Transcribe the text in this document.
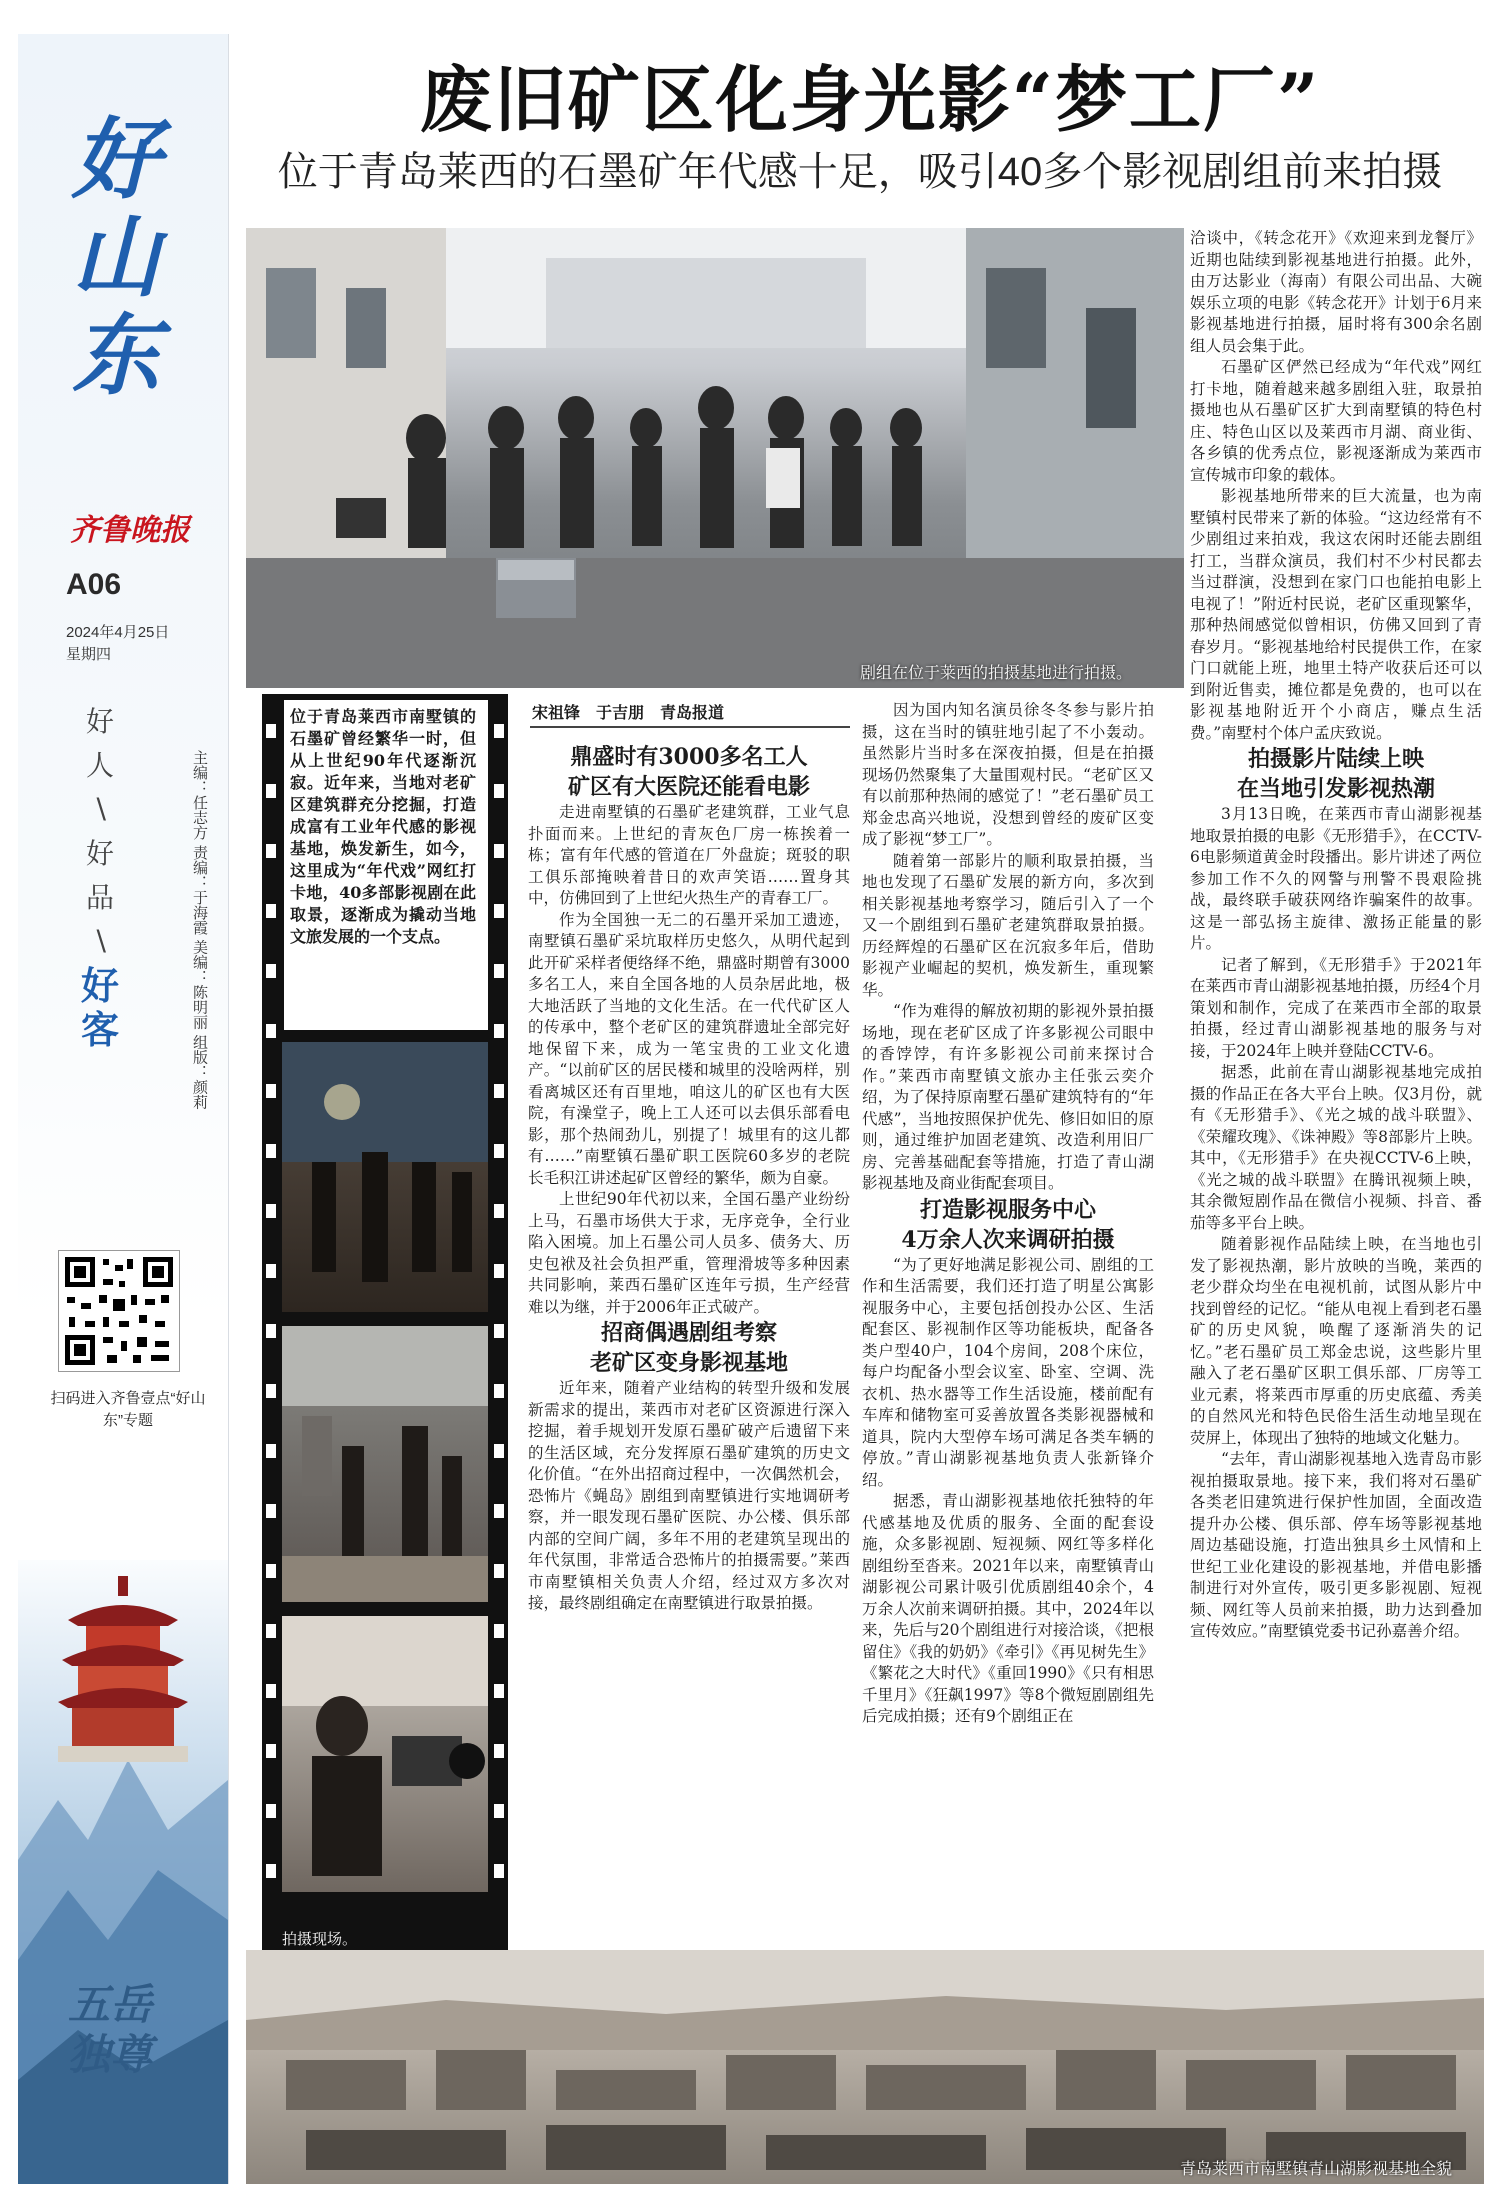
好山东
齐鲁晚报
A06
2024年4月25日
星期四
好
人
∖
好
品
∖
好
客	主编：任志方 责编：于海霞 美编：陈明丽 组版：颜莉
扫码进入齐鲁壹点“好山东”专题
五岳独尊
废旧矿区化身光影“梦工厂”
位于青岛莱西的石墨矿年代感十足，吸引40多个影视剧组前来拍摄
剧组在位于莱西的拍摄基地进行拍摄。
位于青岛莱西市南墅镇的石墨矿曾经繁华一时，但从上世纪90年代逐渐沉寂。近年来，当地对老矿区建筑群充分挖掘，打造成富有工业年代感的影视基地，焕发新生，如今，这里成为“年代戏”网红打卡地，40多部影视剧在此取景，逐渐成为撬动当地文旅发展的一个支点。
拍摄现场。
宋祖锋　于吉朋　青岛报道

鼎盛时有3000多名工人
矿区有大医院还能看电影

走进南墅镇的石墨矿老建筑群，工业气息扑面而来。上世纪的青灰色厂房一栋挨着一栋；富有年代感的管道在厂外盘旋；斑驳的职工俱乐部掩映着昔日的欢声笑语……置身其中，仿佛回到了上世纪火热生产的青春工厂。

作为全国独一无二的石墨开采加工遗迹，南墅镇石墨矿采坑取样历史悠久，从明代起到此开矿采样者便络绎不绝，鼎盛时期曾有3000多名工人，来自全国各地的人员杂居此地，极大地活跃了当地的文化生活。在一代代矿区人的传承中，整个老矿区的建筑群遗址全部完好地保留下来，成为一笔宝贵的工业文化遗产。“以前矿区的居民楼和城里的没啥两样，别看离城区还有百里地，咱这儿的矿区也有大医院，有澡堂子，晚上工人还可以去俱乐部看电影，那个热闹劲儿，别提了！城里有的这儿都有……”南墅镇石墨矿职工医院60多岁的老院长毛积江讲述起矿区曾经的繁华，颇为自豪。

上世纪90年代初以来，全国石墨产业纷纷上马，石墨市场供大于求，无序竞争，全行业陷入困境。加上石墨公司人员多、债务大、历史包袱及社会负担严重，管理滑坡等多种因素共同影响，莱西石墨矿区连年亏损，生产经营难以为继，并于2006年正式破产。

招商偶遇剧组考察
老矿区变身影视基地

近年来，随着产业结构的转型升级和发展新需求的提出，莱西市对老矿区资源进行深入挖掘，着手规划开发原石墨矿破产后遗留下来的生活区域，充分发挥原石墨矿建筑的历史文化价值。“在外出招商过程中，一次偶然机会，恐怖片《蝇岛》剧组到南墅镇进行实地调研考察，并一眼发现石墨矿医院、办公楼、俱乐部内部的空间广阔，多年不用的老建筑呈现出的年代氛围，非常适合恐怖片的拍摄需要。”莱西市南墅镇相关负责人介绍，经过双方多次对接，最终剧组确定在南墅镇进行取景拍摄。

因为国内知名演员徐冬冬参与影片拍摄，这在当时的镇驻地引起了不小轰动。虽然影片当时多在深夜拍摄，但是在拍摄现场仍然聚集了大量围观村民。“老矿区又有以前那种热闹的感觉了！”老石墨矿员工郑金忠高兴地说，没想到曾经的废矿区变成了影视“梦工厂”。

随着第一部影片的顺利取景拍摄，当地也发现了石墨矿发展的新方向，多次到相关影视基地考察学习，随后引入了一个又一个剧组到石墨矿老建筑群取景拍摄。历经辉煌的石墨矿区在沉寂多年后，借助影视产业崛起的契机，焕发新生，重现繁华。

“作为难得的解放初期的影视外景拍摄场地，现在老矿区成了许多影视公司眼中的香饽饽，有许多影视公司前来探讨合作。”莱西市南墅镇文旅办主任张云奕介绍，为了保持原南墅石墨矿建筑特有的“年代感”，当地按照保护优先、修旧如旧的原则，通过维护加固老建筑、改造利用旧厂房、完善基础配套等措施，打造了青山湖影视基地及商业街配套项目。

打造影视服务中心
4万余人次来调研拍摄

“为了更好地满足影视公司、剧组的工作和生活需要，我们还打造了明星公寓影视服务中心，主要包括创投办公区、生活配套区、影视制作区等功能板块，配备各类户型40户，104个房间，208个床位，每户均配备小型会议室、卧室、空调、洗衣机、热水器等工作生活设施，楼前配有车库和储物室可妥善放置各类影视器械和道具，院内大型停车场可满足各类车辆的停放。”青山湖影视基地负责人张新锋介绍。

据悉，青山湖影视基地依托独特的年代感基地及优质的服务、全面的配套设施，众多影视剧、短视频、网红等多样化剧组纷至沓来。2021年以来，南墅镇青山湖影视公司累计吸引优质剧组40余个，4万余人次前来调研拍摄。其中，2024年以来，先后与20个剧组进行对接洽谈，《把根留住》《我的奶奶》《牵引》《再见树先生》《繁花之大时代》《重回1990》《只有相思千里月》《狂飙1997》等8个微短剧剧组先后完成拍摄；还有9个剧组正在

洽谈中，《转念花开》《欢迎来到龙餐厅》近期也陆续到影视基地进行拍摄。此外，由万达影业（海南）有限公司出品、大碗娱乐立项的电影《转念花开》计划于6月来影视基地进行拍摄，届时将有300余名剧组人员会集于此。

石墨矿区俨然已经成为“年代戏”网红打卡地，随着越来越多剧组入驻，取景拍摄地也从石墨矿区扩大到南墅镇的特色村庄、特色山区以及莱西市月湖、商业街、各乡镇的优秀点位，影视逐渐成为莱西市宣传城市印象的载体。

影视基地所带来的巨大流量，也为南墅镇村民带来了新的体验。“这边经常有不少剧组过来拍戏，我这农闲时还能去剧组打工，当群众演员，我们村不少村民都去当过群演，没想到在家门口也能拍电影上电视了！”附近村民说，老矿区重现繁华，那种热闹感觉似曾相识，仿佛又回到了青春岁月。“影视基地给村民提供工作，在家门口就能上班，地里土特产收获后还可以到附近售卖，摊位都是免费的，也可以在影视基地附近开个小商店，赚点生活费。”南墅村个体户孟庆致说。

拍摄影片陆续上映
在当地引发影视热潮

3月13日晚，在莱西市青山湖影视基地取景拍摄的电影《无形猎手》，在CCTV-6电影频道黄金时段播出。影片讲述了两位参加工作不久的网警与刑警不畏艰险挑战，最终联手破获网络诈骗案件的故事。这是一部弘扬主旋律、激扬正能量的影片。

记者了解到，《无形猎手》于2021年在莱西市青山湖影视基地拍摄，历经4个月策划和制作，完成了在莱西市全部的取景拍摄，经过青山湖影视基地的服务与对接，于2024年上映并登陆CCTV-6。

据悉，此前在青山湖影视基地完成拍摄的作品正在各大平台上映。仅3月份，就有《无形猎手》、《光之城的战斗联盟》、《荣耀玫瑰》、《诛神殿》等8部影片上映。其中，《无形猎手》在央视CCTV-6上映，《光之城的战斗联盟》在腾讯视频上映，其余微短剧作品在微信小视频、抖音、番茄等多平台上映。

随着影视作品陆续上映，在当地也引发了影视热潮，影片放映的当晚，莱西的老少群众均坐在电视机前，试图从影片中找到曾经的记忆。“能从电视上看到老石墨矿的历史风貌，唤醒了逐渐消失的记忆。”老石墨矿员工郑金忠说，这些影片里融入了老石墨矿区职工俱乐部、厂房等工业元素，将莱西市厚重的历史底蕴、秀美的自然风光和特色民俗生活生动地呈现在荧屏上，体现出了独特的地域文化魅力。

“去年，青山湖影视基地入选青岛市影视拍摄取景地。接下来，我们将对石墨矿各类老旧建筑进行保护性加固，全面改造提升办公楼、俱乐部、停车场等影视基地周边基础设施，打造出独具乡土风情和上世纪工业化建设的影视基地，并借电影播制进行对外宣传，吸引更多影视剧、短视频、网红等人员前来拍摄，助力达到叠加宣传效应。”南墅镇党委书记孙嘉善介绍。

青岛莱西市南墅镇青山湖影视基地全貌
